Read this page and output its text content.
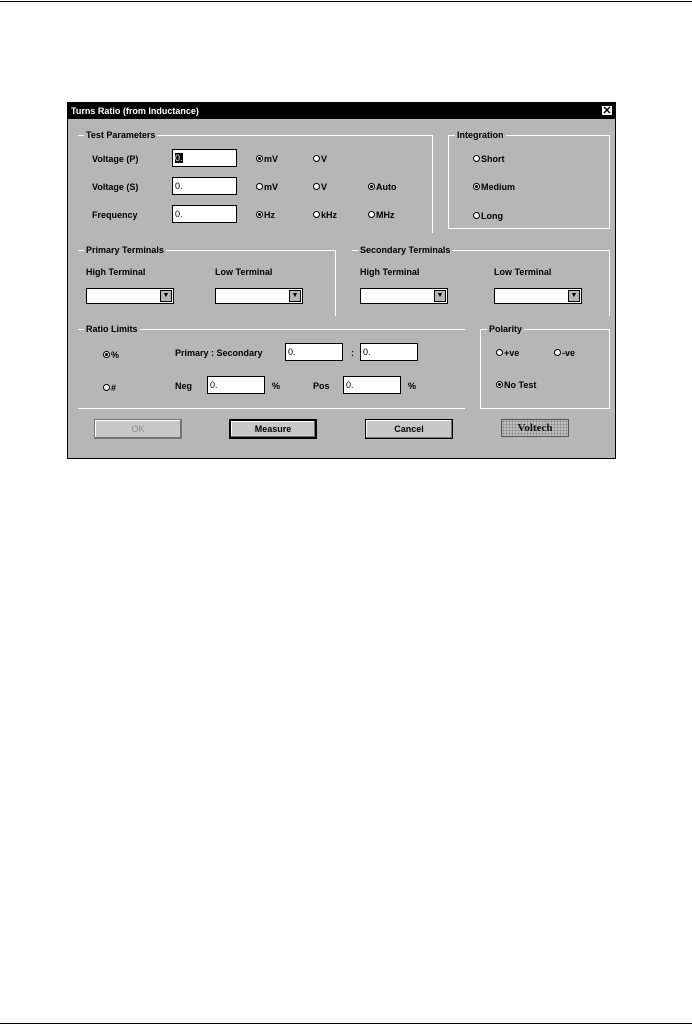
Turns Ratio (from Inductance)	✕
Test Parameters
Voltage (P)	0.	mV	V
Voltage (S)	0.	mV	V	Auto
Frequency	0.	Hz	kHz	MHz
Integration
Short
Medium
Long
Primary Terminals
High Terminal	Low Terminal
▼	▼
Secondary Terminals
High Terminal	Low Terminal
▼	▼
Ratio Limits
%
#
Primary : Secondary	0.	:	0.
Neg	0.	%	Pos	0.	%
Polarity
+ve	-ve
No Test
OK	Measure	Cancel	Voltech
